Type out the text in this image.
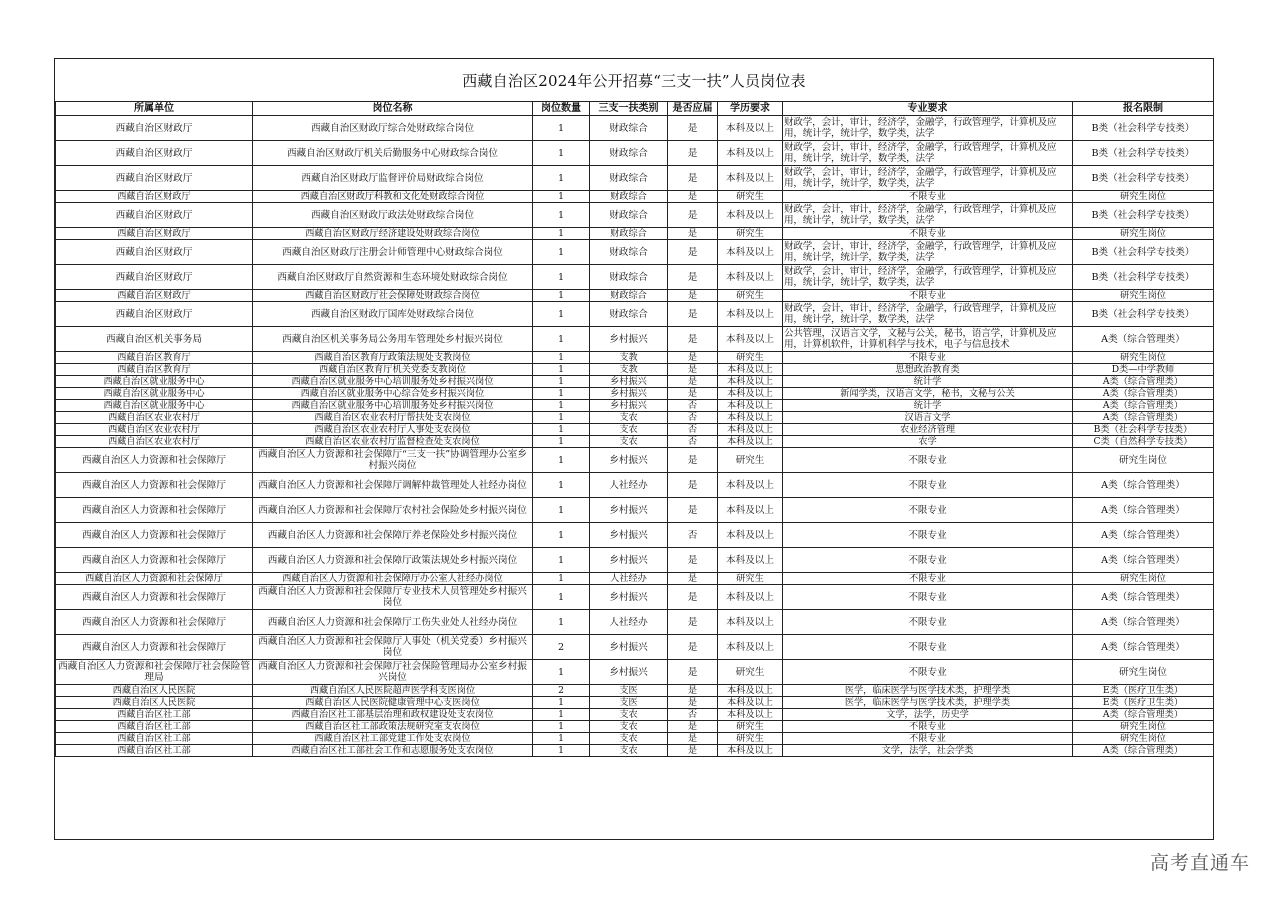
西藏自治区2024年公开招募“三支一扶”人员岗位表
所属单位	岗位名称	岗位数量	三支一扶类别	是否应届	学历要求	专业要求	报名限制
西藏自治区财政厅	西藏自治区财政厅综合处财政综合岗位	1	财政综合	是	本科及以上	财政学，会计，审计，经济学，金融学，行政管理学，计算机及应用，统计学，统计学，数学类，法学	B类（社会科学专技类）
西藏自治区财政厅	西藏自治区财政厅机关后勤服务中心财政综合岗位	1	财政综合	是	本科及以上	财政学，会计，审计，经济学，金融学，行政管理学，计算机及应用，统计学，统计学，数学类，法学	B类（社会科学专技类）
西藏自治区财政厅	西藏自治区财政厅监督评价局财政综合岗位	1	财政综合	是	本科及以上	财政学，会计，审计，经济学，金融学，行政管理学，计算机及应用，统计学，统计学，数学类，法学	B类（社会科学专技类）
西藏自治区财政厅	西藏自治区财政厅科教和文化处财政综合岗位	1	财政综合	是	研究生	不限专业	研究生岗位
西藏自治区财政厅	西藏自治区财政厅政法处财政综合岗位	1	财政综合	是	本科及以上	财政学，会计，审计，经济学，金融学，行政管理学，计算机及应用，统计学，统计学，数学类，法学	B类（社会科学专技类）
西藏自治区财政厅	西藏自治区财政厅经济建设处财政综合岗位	1	财政综合	是	研究生	不限专业	研究生岗位
西藏自治区财政厅	西藏自治区财政厅注册会计师管理中心财政综合岗位	1	财政综合	是	本科及以上	财政学，会计，审计，经济学，金融学，行政管理学，计算机及应用，统计学，统计学，数学类，法学	B类（社会科学专技类）
西藏自治区财政厅	西藏自治区财政厅自然资源和生态环境处财政综合岗位	1	财政综合	是	本科及以上	财政学，会计，审计，经济学，金融学，行政管理学，计算机及应用，统计学，统计学，数学类，法学	B类（社会科学专技类）
西藏自治区财政厅	西藏自治区财政厅社会保障处财政综合岗位	1	财政综合	是	研究生	不限专业	研究生岗位
西藏自治区财政厅	西藏自治区财政厅国库处财政综合岗位	1	财政综合	是	本科及以上	财政学，会计，审计，经济学，金融学，行政管理学，计算机及应用，统计学，统计学，数学类，法学	B类（社会科学专技类）
西藏自治区机关事务局	西藏自治区机关事务局公务用车管理处乡村振兴岗位	1	乡村振兴	是	本科及以上	公共管理，汉语言文学，文秘与公关，秘书，语言学，计算机及应用，计算机软件，计算机科学与技术，电子与信息技术	A类（综合管理类）
西藏自治区教育厅	西藏自治区教育厅政策法规处支教岗位	1	支教	是	研究生	不限专业	研究生岗位
西藏自治区教育厅	西藏自治区教育厅机关党委支教岗位	1	支教	是	本科及以上	思想政治教育类	D类—中学教师
西藏自治区就业服务中心	西藏自治区就业服务中心培训服务处乡村振兴岗位	1	乡村振兴	是	本科及以上	统计学	A类（综合管理类）
西藏自治区就业服务中心	西藏自治区就业服务中心综合处乡村振兴岗位	1	乡村振兴	是	本科及以上	新闻学类，汉语言文学，秘书，文秘与公关	A类（综合管理类）
西藏自治区就业服务中心	西藏自治区就业服务中心培训服务处乡村振兴岗位	1	乡村振兴	否	本科及以上	统计学	A类（综合管理类）
西藏自治区农业农村厅	西藏自治区农业农村厅帮扶处支农岗位	1	支农	否	本科及以上	汉语言文学	A类（综合管理类）
西藏自治区农业农村厅	西藏自治区农业农村厅人事处支农岗位	1	支农	否	本科及以上	农业经济管理	B类（社会科学专技类）
西藏自治区农业农村厅	西藏自治区农业农村厅监督检查处支农岗位	1	支农	否	本科及以上	农学	C类（自然科学专技类）
西藏自治区人力资源和社会保障厅	西藏自治区人力资源和社会保障厅“三支一扶”协调管理办公室乡村振兴岗位	1	乡村振兴	是	研究生	不限专业	研究生岗位
西藏自治区人力资源和社会保障厅	西藏自治区人力资源和社会保障厅调解仲裁管理处人社经办岗位	1	人社经办	是	本科及以上	不限专业	A类（综合管理类）
西藏自治区人力资源和社会保障厅	西藏自治区人力资源和社会保障厅农村社会保险处乡村振兴岗位	1	乡村振兴	是	本科及以上	不限专业	A类（综合管理类）
西藏自治区人力资源和社会保障厅	西藏自治区人力资源和社会保障厅养老保险处乡村振兴岗位	1	乡村振兴	否	本科及以上	不限专业	A类（综合管理类）
西藏自治区人力资源和社会保障厅	西藏自治区人力资源和社会保障厅政策法规处乡村振兴岗位	1	乡村振兴	是	本科及以上	不限专业	A类（综合管理类）
西藏自治区人力资源和社会保障厅	西藏自治区人力资源和社会保障厅办公室人社经办岗位	1	人社经办	是	研究生	不限专业	研究生岗位
西藏自治区人力资源和社会保障厅	西藏自治区人力资源和社会保障厅专业技术人员管理处乡村振兴岗位	1	乡村振兴	是	本科及以上	不限专业	A类（综合管理类）
西藏自治区人力资源和社会保障厅	西藏自治区人力资源和社会保障厅工伤失业处人社经办岗位	1	人社经办	是	本科及以上	不限专业	A类（综合管理类）
西藏自治区人力资源和社会保障厅	西藏自治区人力资源和社会保障厅人事处（机关党委）乡村振兴岗位	2	乡村振兴	是	本科及以上	不限专业	A类（综合管理类）
西藏自治区人力资源和社会保障厅社会保险管理局	西藏自治区人力资源和社会保障厅社会保险管理局办公室乡村振兴岗位	1	乡村振兴	是	研究生	不限专业	研究生岗位
西藏自治区人民医院	西藏自治区人民医院超声医学科支医岗位	2	支医	是	本科及以上	医学，临床医学与医学技术类，护理学类	E类（医疗卫生类）
西藏自治区人民医院	西藏自治区人民医院健康管理中心支医岗位	1	支医	是	本科及以上	医学，临床医学与医学技术类，护理学类	E类（医疗卫生类）
西藏自治区社工部	西藏自治区社工部基层治理和政权建设处支农岗位	1	支农	否	本科及以上	文学，法学，历史学	A类（综合管理类）
西藏自治区社工部	西藏自治区社工部政策法规研究室支农岗位	1	支农	是	研究生	不限专业	研究生岗位
西藏自治区社工部	西藏自治区社工部党建工作处支农岗位	1	支农	是	研究生	不限专业	研究生岗位
西藏自治区社工部	西藏自治区社工部社会工作和志愿服务处支农岗位	1	支农	是	本科及以上	文学，法学，社会学类	A类（综合管理类）
高考直通车
